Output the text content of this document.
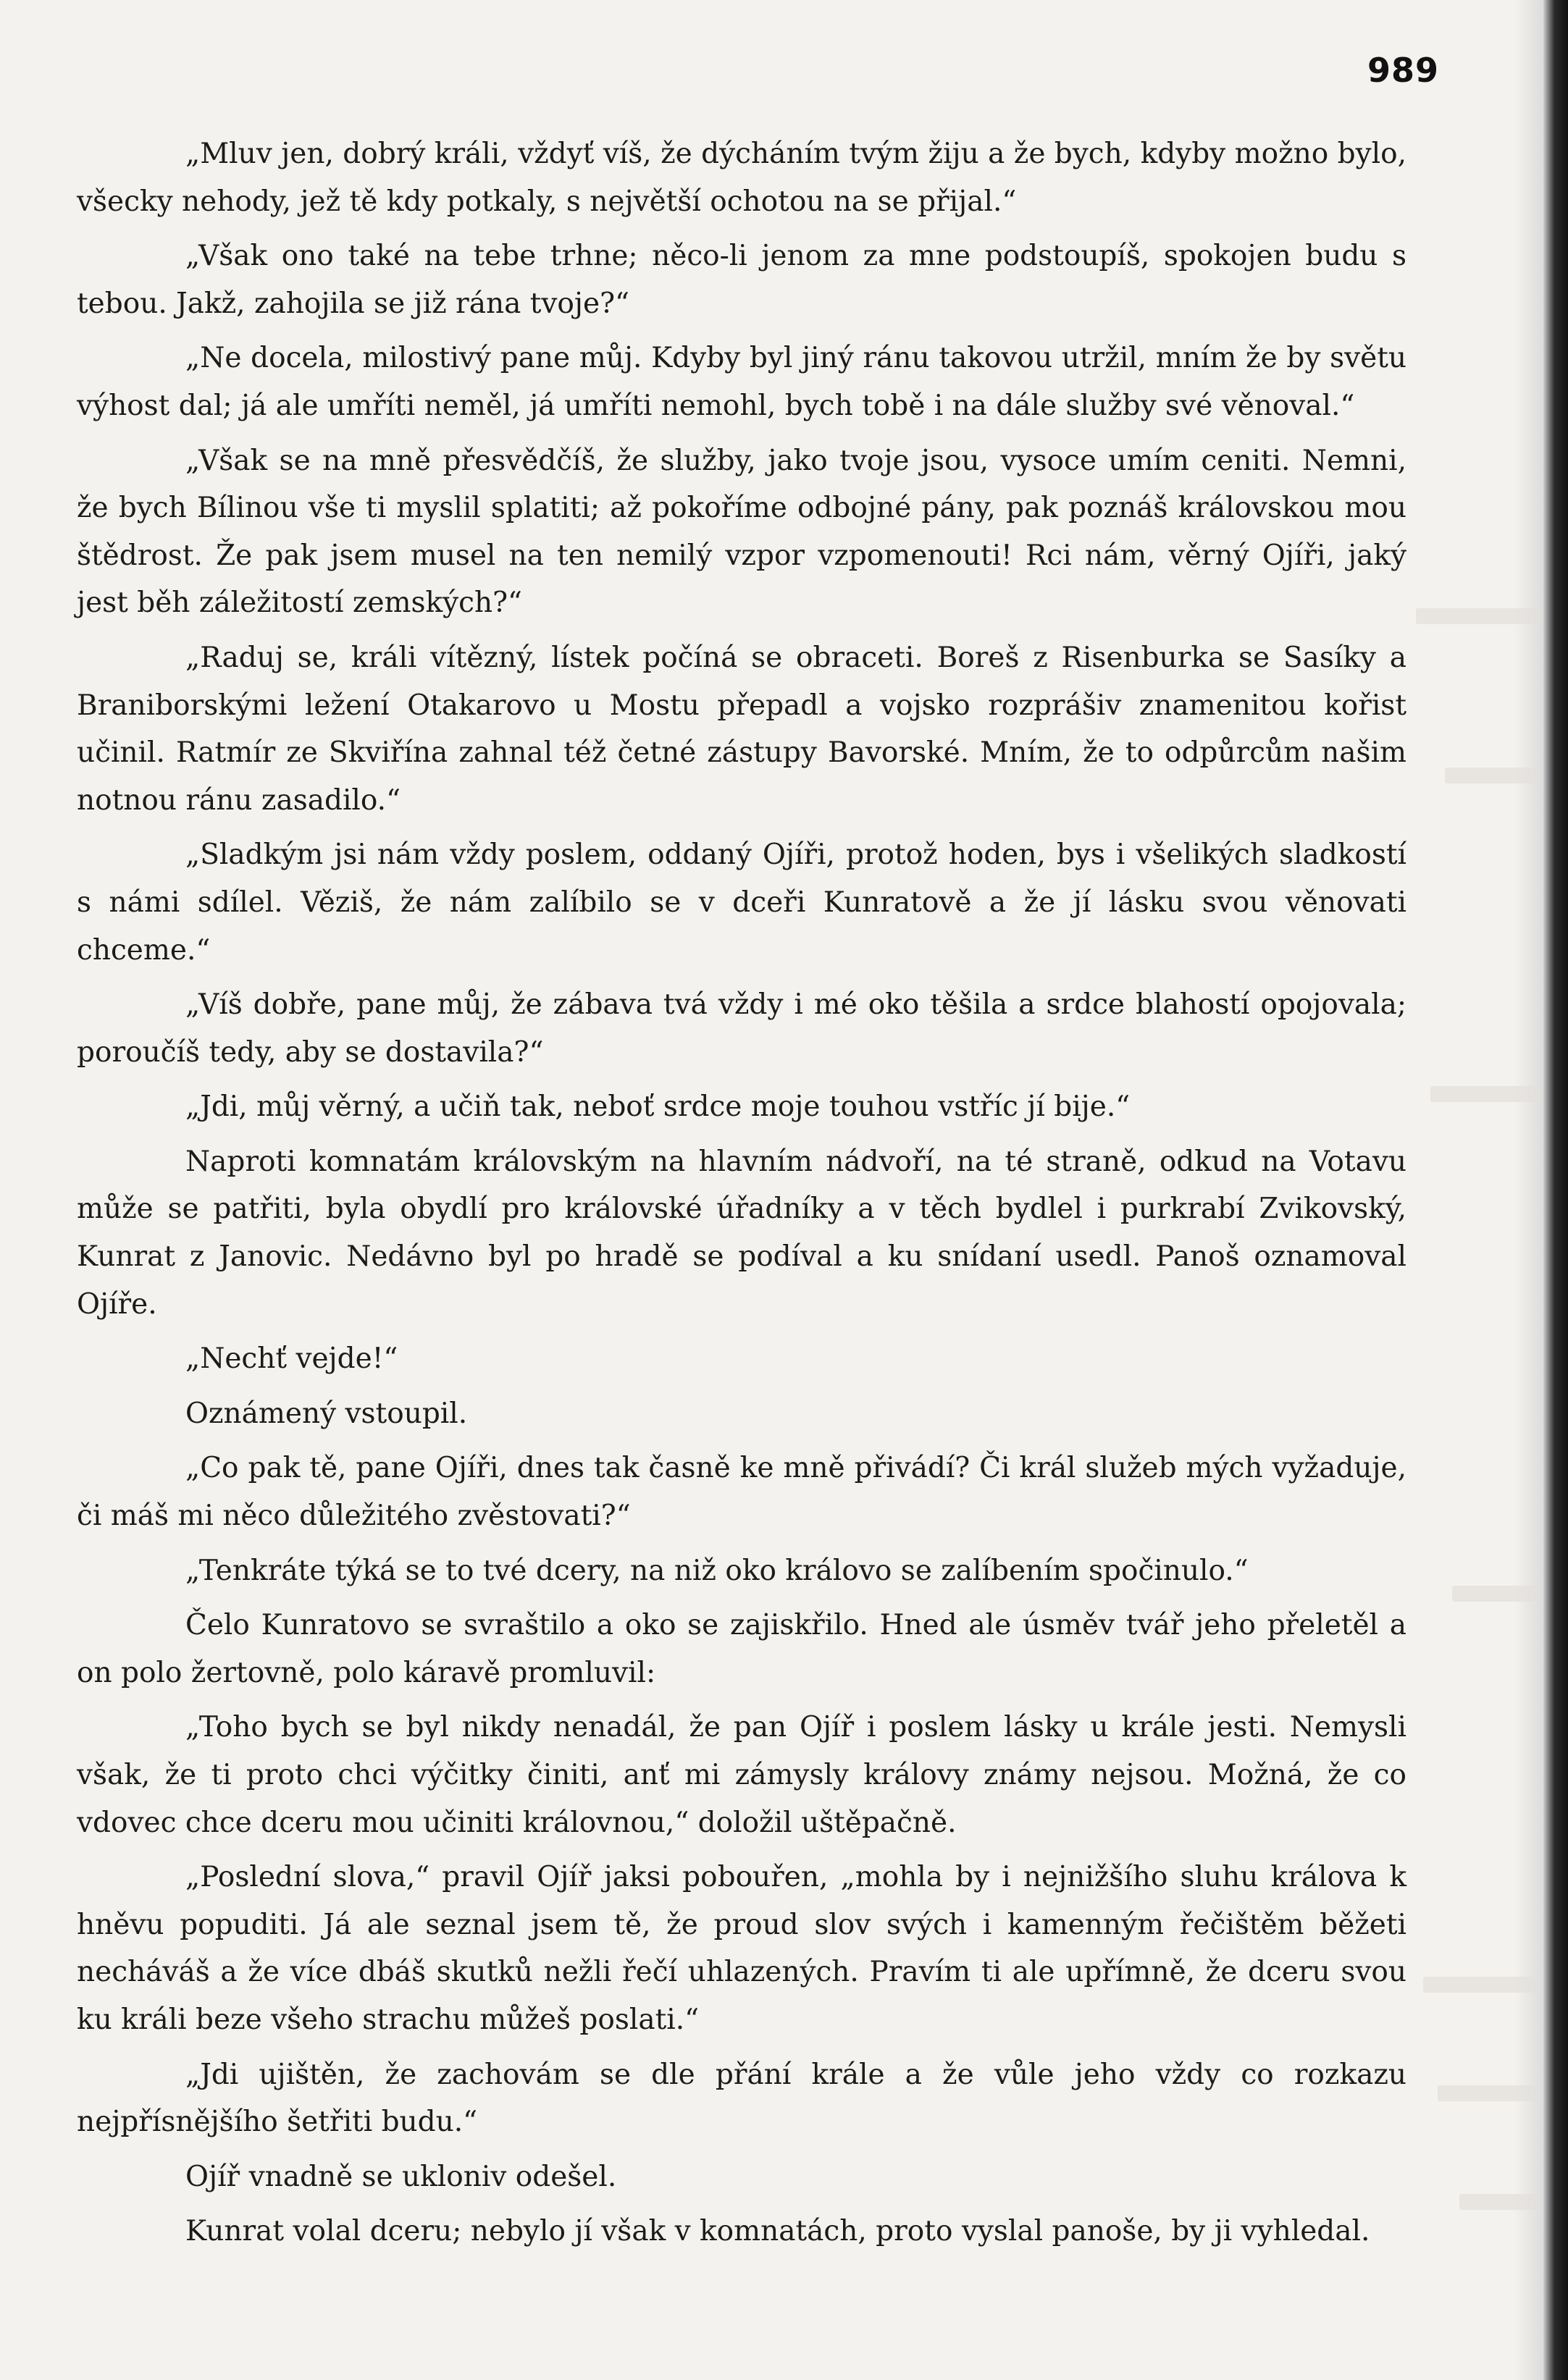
989

„Mluv jen, dobrý králi, vždyť víš, že dýcháním tvým žiju a že bych, kdyby možno bylo, všecky nehody, jež tě kdy potkaly, s největší ochotou na se přijal.“

„Však ono také na tebe trhne; něco-li jenom za mne podstoupíš, spokojen budu s tebou. Jakž, zahojila se již rána tvoje?“

„Ne docela, milostivý pane můj. Kdyby byl jiný ránu takovou utržil, mním že by světu výhost dal; já ale umříti neměl, já umříti nemohl, bych tobě i na dále služby své věnoval.“

„Však se na mně přesvědčíš, že služby, jako tvoje jsou, vysoce umím ceniti. Nemni, že bych Bílinou vše ti myslil splatiti; až pokoříme odbojné pány, pak poznáš královskou mou štědrost. Že pak jsem musel na ten nemilý vzpor vzpomenouti! Rci nám, věrný Ojíři, jaký jest běh záležitostí zemských?“

„Raduj se, králi vítězný, lístek počíná se obraceti. Boreš z Risenburka se Sasíky a Braniborskými ležení Otakarovo u Mostu přepadl a vojsko rozprášiv znamenitou kořist učinil. Ratmír ze Skviřína zahnal též četné zástupy Bavorské. Mním, že to odpůrcům našim notnou ránu zasadilo.“

„Sladkým jsi nám vždy poslem, oddaný Ojíři, protož hoden, bys i všelikých sladkostí s námi sdílel. Věziš, že nám zalíbilo se v dceři Kunratově a že jí lásku svou věnovati chceme.“

„Víš dobře, pane můj, že zábava tvá vždy i mé oko těšila a srdce blahostí opojovala; poroučíš tedy, aby se dostavila?“

„Jdi, můj věrný, a učiň tak, neboť srdce moje touhou vstříc jí bije.“

Naproti komnatám královským na hlavním nádvoří, na té straně, odkud na Votavu může se patřiti, byla obydlí pro královské úřadníky a v těch bydlel i purkrabí Zvikovský, Kunrat z Janovic. Nedávno byl po hradě se podíval a ku snídaní usedl. Panoš oznamoval Ojíře.

„Nechť vejde!“

Oznámený vstoupil.

„Co pak tě, pane Ojíři, dnes tak časně ke mně přivádí? Či král služeb mých vyžaduje, či máš mi něco důležitého zvěstovati?“

„Tenkráte týká se to tvé dcery, na niž oko královo se zalíbením spočinulo.“

Čelo Kunratovo se svraštilo a oko se zajiskřilo. Hned ale úsměv tvář jeho přeletěl a on polo žertovně, polo káravě promluvil:

„Toho bych se byl nikdy nenadál, že pan Ojíř i poslem lásky u krále jesti. Nemysli však, že ti proto chci výčitky činiti, anť mi zámysly královy známy nejsou. Možná, že co vdovec chce dceru mou učiniti královnou,“ doložil uštěpačně.

„Poslední slova,“ pravil Ojíř jaksi pobouřen, „mohla by i nejnižšího sluhu králova k hněvu popuditi. Já ale seznal jsem tě, že proud slov svých i kamenným řečištěm běžeti necháváš a že více dbáš skutků nežli řečí uhlazených. Pravím ti ale upřímně, že dceru svou ku králi beze všeho strachu můžeš poslati.“

„Jdi ujištěn, že zachovám se dle přání krále a že vůle jeho vždy co rozkazu nejpřísnějšího šetřiti budu.“

Ojíř vnadně se ukloniv odešel.

Kunrat volal dceru; nebylo jí však v komnatách, proto vyslal panoše, by ji vyhledal.
